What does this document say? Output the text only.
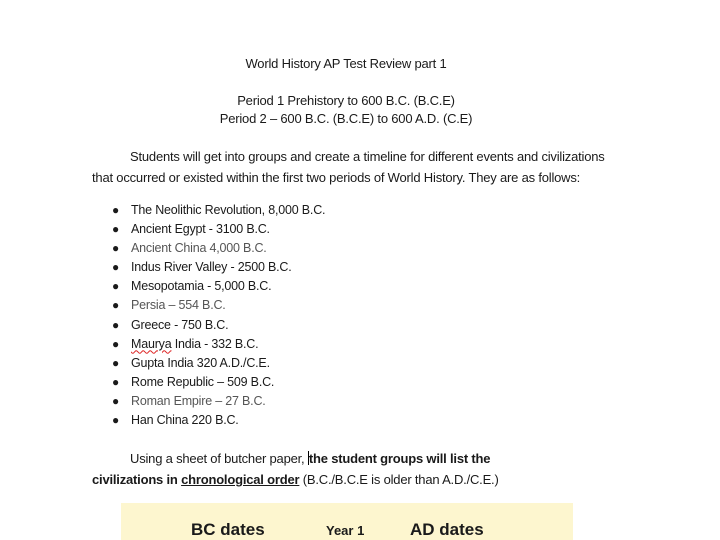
World History AP Test Review part 1
Period 1 Prehistory to 600 B.C. (B.C.E)
Period 2 – 600 B.C. (B.C.E) to 600 A.D. (C.E)
Students will get into groups and create a timeline for different events and civilizations
that occurred or existed within the first two periods of World History. They are as follows:
● The Neolithic Revolution, 8,000 B.C.
● Ancient Egypt - 3100 B.C.
● Ancient China 4,000 B.C.
● Indus River Valley - 2500 B.C.
● Mesopotamia - 5,000 B.C.
● Persia – 554 B.C.
● Greece - 750 B.C.
● Maurya India - 332 B.C.
● Gupta India 320 A.D./C.E.
● Rome Republic – 509 B.C.
● Roman Empire – 27 B.C.
● Han China 220 B.C.
Using a sheet of butcher paper, the student groups will list the civilizations in chronological order (B.C./B.C.E is older than A.D./C.E.)
BC dates	Year 1	AD dates
